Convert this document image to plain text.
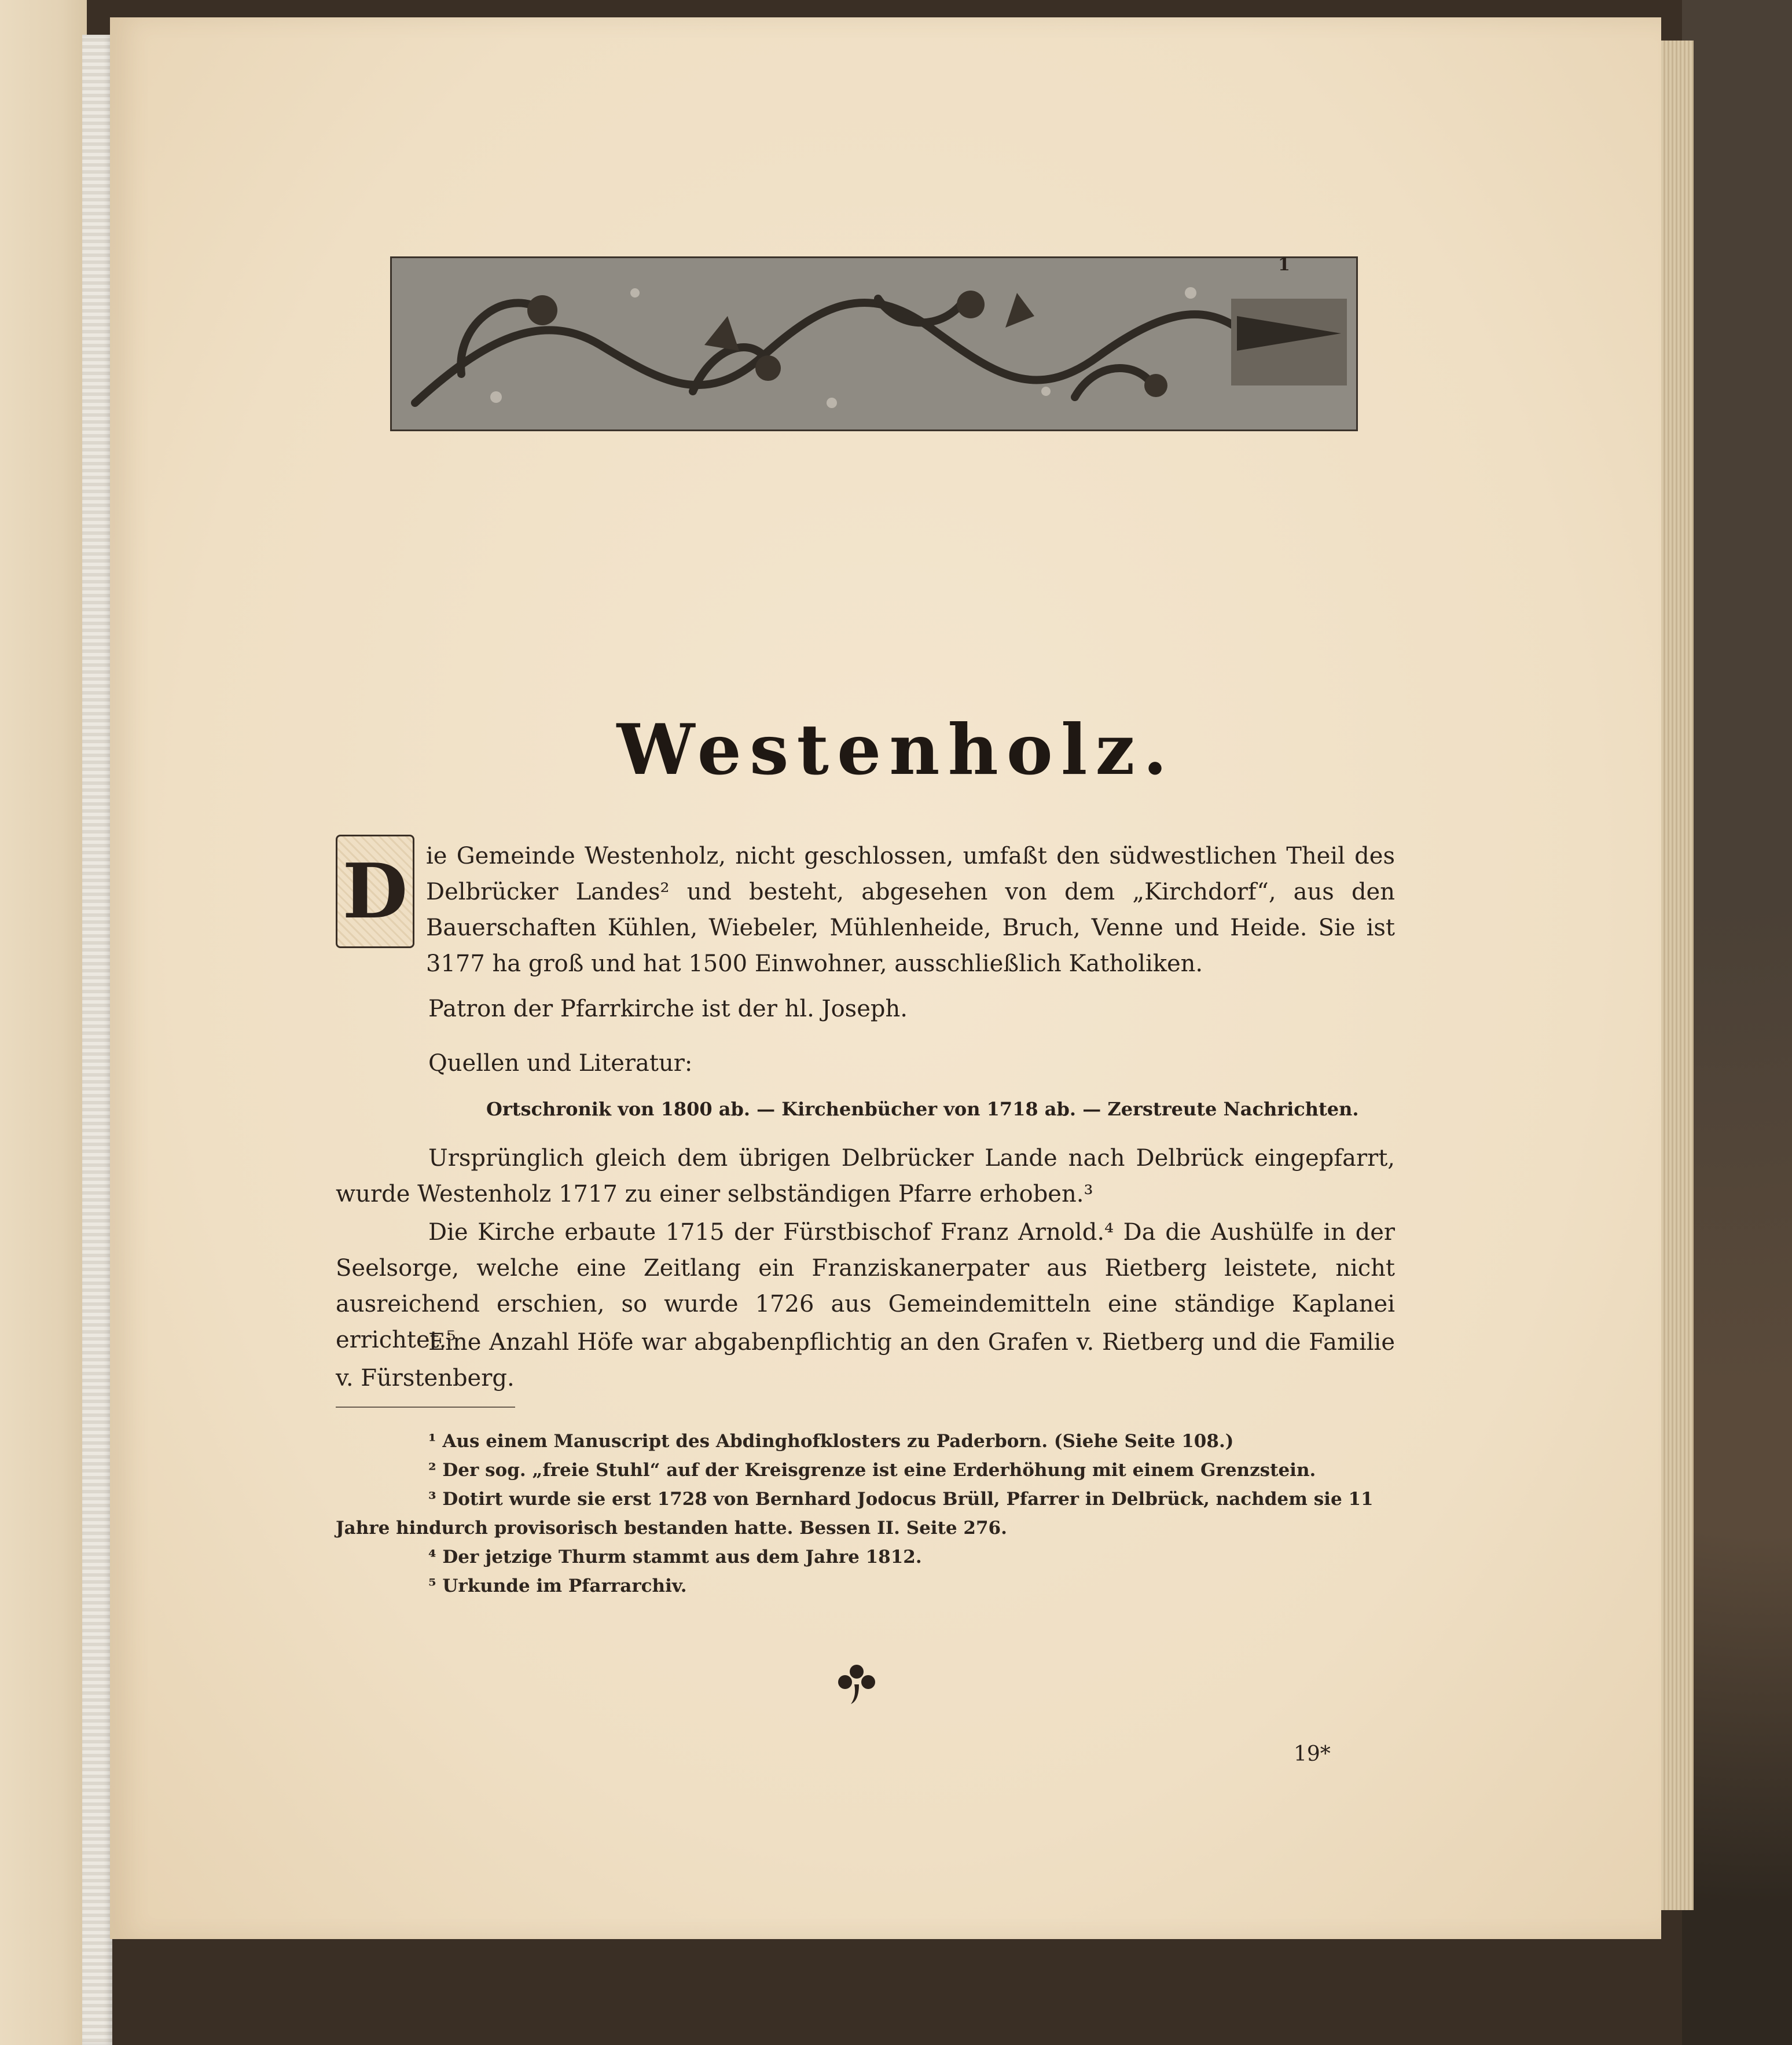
1
Westenholz.
D ie Gemeinde Westenholz, nicht geschlossen, umfaßt den südwestlichen Theil des Delbrücker Landes² und besteht, abgesehen von dem „Kirchdorf“, aus den Bauerschaften Kühlen, Wiebeler, Mühlenheide, Bruch, Venne und Heide. Sie ist 3177 ha groß und hat 1500 Einwohner, ausschließlich Katholiken.

Patron der Pfarrkirche ist der hl. Joseph.

Quellen und Literatur:

Ortschronik von 1800 ab. — Kirchenbücher von 1718 ab. — Zerstreute Nachrichten.

Ursprünglich gleich dem übrigen Delbrücker Lande nach Delbrück eingepfarrt, wurde Westenholz 1717 zu einer selbständigen Pfarre erhoben.³

Die Kirche erbaute 1715 der Fürstbischof Franz Arnold.⁴ Da die Aushülfe in der Seelsorge, welche eine Zeitlang ein Franziskanerpater aus Rietberg leistete, nicht ausreichend erschien, so wurde 1726 aus Gemeindemitteln eine ständige Kaplanei errichtet.⁵

Eine Anzahl Höfe war abgabenpflichtig an den Grafen v. Rietberg und die Familie v. Fürstenberg.

¹ Aus einem Manuscript des Abdinghofklosters zu Paderborn. (Siehe Seite 108.)

² Der sog. „freie Stuhl“ auf der Kreisgrenze ist eine Erderhöhung mit einem Grenzstein.

³ Dotirt wurde sie erst 1728 von Bernhard Jodocus Brüll, Pfarrer in Delbrück, nachdem sie 11 Jahre hindurch provisorisch bestanden hatte. Bessen II. Seite 276.

⁴ Der jetzige Thurm stammt aus dem Jahre 1812.

⁵ Urkunde im Pfarrarchiv.

19*
